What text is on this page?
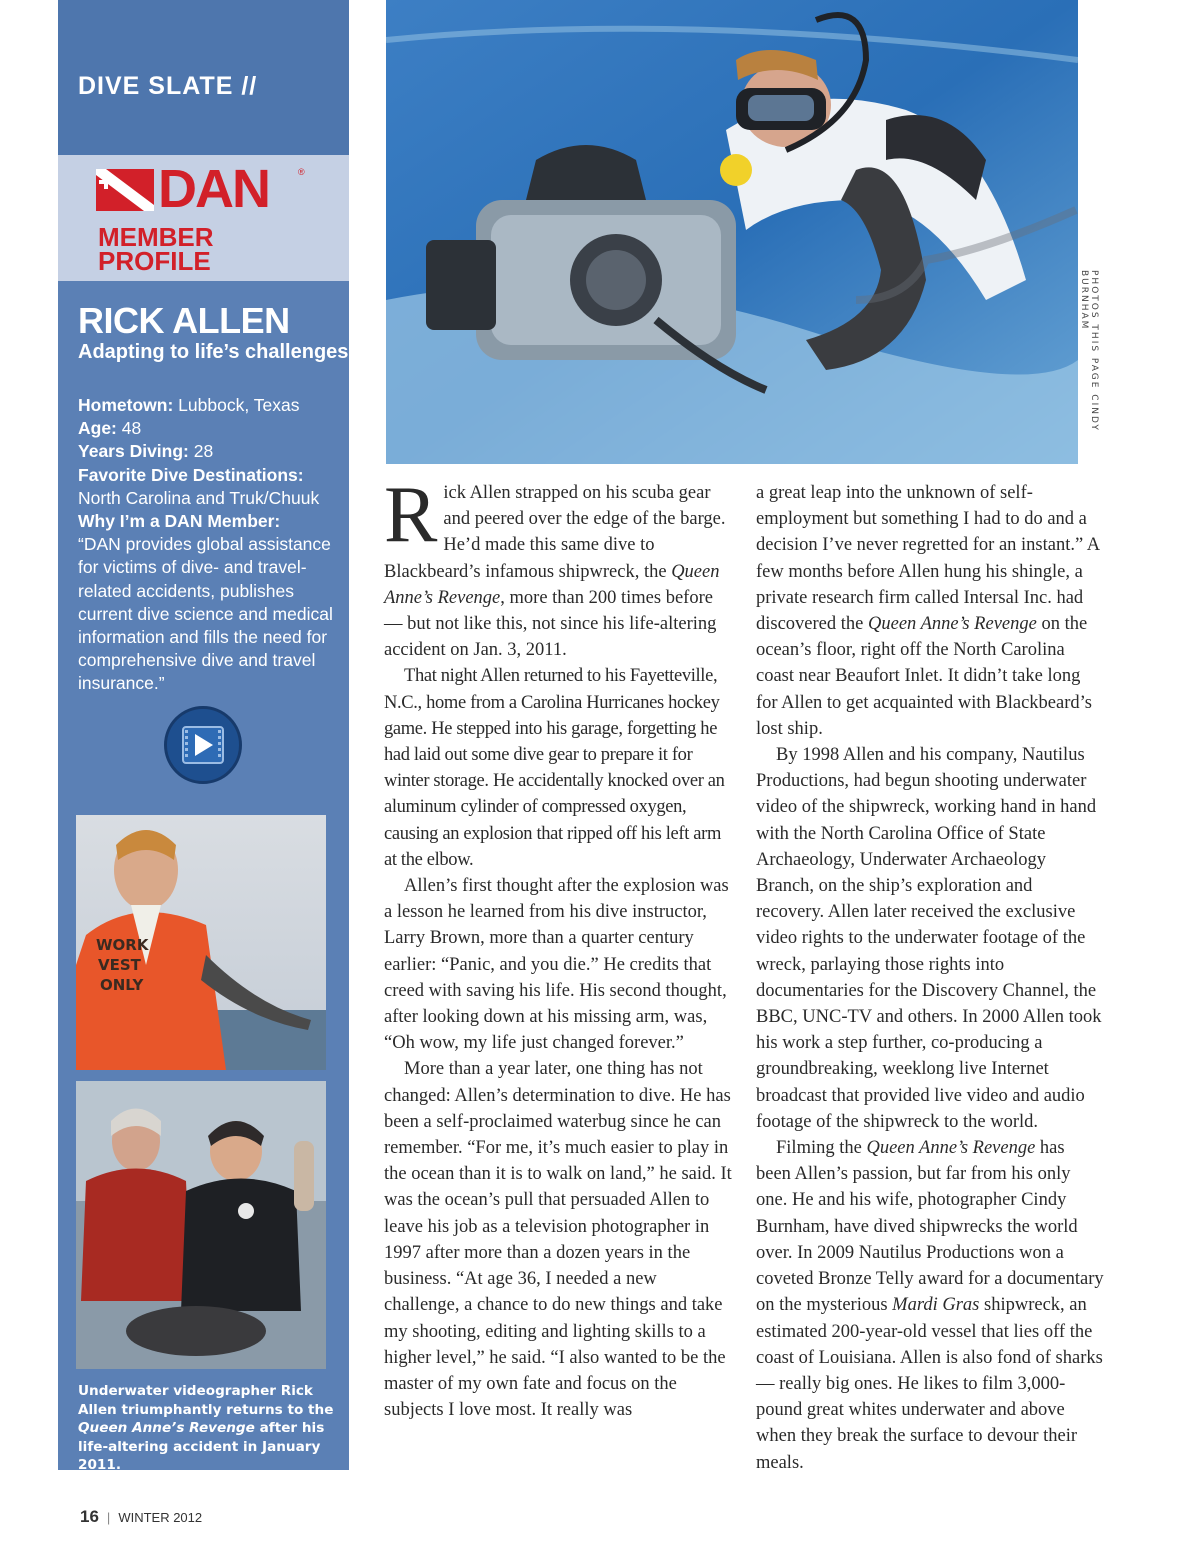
DIVE SLATE //
DAN	®
MEMBER
PROFILE
RICK ALLEN
Adapting to life’s challenges

Hometown: Lubbock, Texas

Age: 48

Years Diving: 28

Favorite Dive Destinations:

North Carolina and Truk/Chuuk

Why I’m a DAN Member:

“DAN provides global assistance for victims of dive- and travel-related accidents, publishes current dive science and medical information and fills the need for comprehensive dive and travel insurance.”

WORK
VEST
ONLY

Underwater videographer Rick Allen triumphantly returns to the Queen Anne’s Revenge after his life-altering accident in January 2011.

PHOTOS THIS PAGE CINDY BURNHAM

Rick Allen strapped on his scuba gear and peered over the edge of the barge. He’d made this same dive to Blackbeard’s infamous shipwreck, the Queen Anne’s Revenge, more than 200 times before — but not like this, not since his life-altering accident on Jan. 3, 2011.

That night Allen returned to his Fayetteville, N.C., home from a Carolina Hurricanes hockey game. He stepped into his garage, forgetting he had laid out some dive gear to prepare it for winter storage. He accidentally knocked over an aluminum cylinder of compressed oxygen, causing an explosion that ripped off his left arm at the elbow.

Allen’s first thought after the explosion was a lesson he learned from his dive instructor, Larry Brown, more than a quarter century earlier: “Panic, and you die.” He credits that creed with saving his life. His second thought, after looking down at his missing arm, was, “Oh wow, my life just changed forever.”

More than a year later, one thing has not changed: Allen’s determination to dive. He has been a self-proclaimed waterbug since he can remember. “For me, it’s much easier to play in the ocean than it is to walk on land,” he said. It was the ocean’s pull that persuaded Allen to leave his job as a television photographer in 1997 after more than a dozen years in the business. “At age 36, I needed a new challenge, a chance to do new things and take my shooting, editing and lighting skills to a higher level,” he said. “I also wanted to be the master of my own fate and focus on the subjects I love most. It really was

a great leap into the unknown of self-employment but something I had to do and a decision I’ve never regretted for an instant.” A few months before Allen hung his shingle, a private research firm called Intersal Inc. had discovered the Queen Anne’s Revenge on the ocean’s floor, right off the North Carolina coast near Beaufort Inlet. It didn’t take long for Allen to get acquainted with Blackbeard’s lost ship.

By 1998 Allen and his company, Nautilus Productions, had begun shooting underwater video of the shipwreck, working hand in hand with the North Carolina Office of State Archaeology, Underwater Archaeology Branch, on the ship’s exploration and recovery. Allen later received the exclusive video rights to the underwater footage of the wreck, parlaying those rights into documentaries for the Discovery Channel, the BBC, UNC-TV and others. In 2000 Allen took his work a step further, co-producing a groundbreaking, weeklong live Internet broadcast that provided live video and audio footage of the shipwreck to the world.

Filming the Queen Anne’s Revenge has been Allen’s passion, but far from his only one. He and his wife, photographer Cindy Burnham, have dived shipwrecks the world over. In 2009 Nautilus Productions won a coveted Bronze Telly award for a documentary on the mysterious Mardi Gras shipwreck, an estimated 200-year-old vessel that lies off the coast of Louisiana. Allen is also fond of sharks — really big ones. He likes to film 3,000-pound great whites underwater and above when they break the surface to devour their meals.

16 | WINTER 2012
